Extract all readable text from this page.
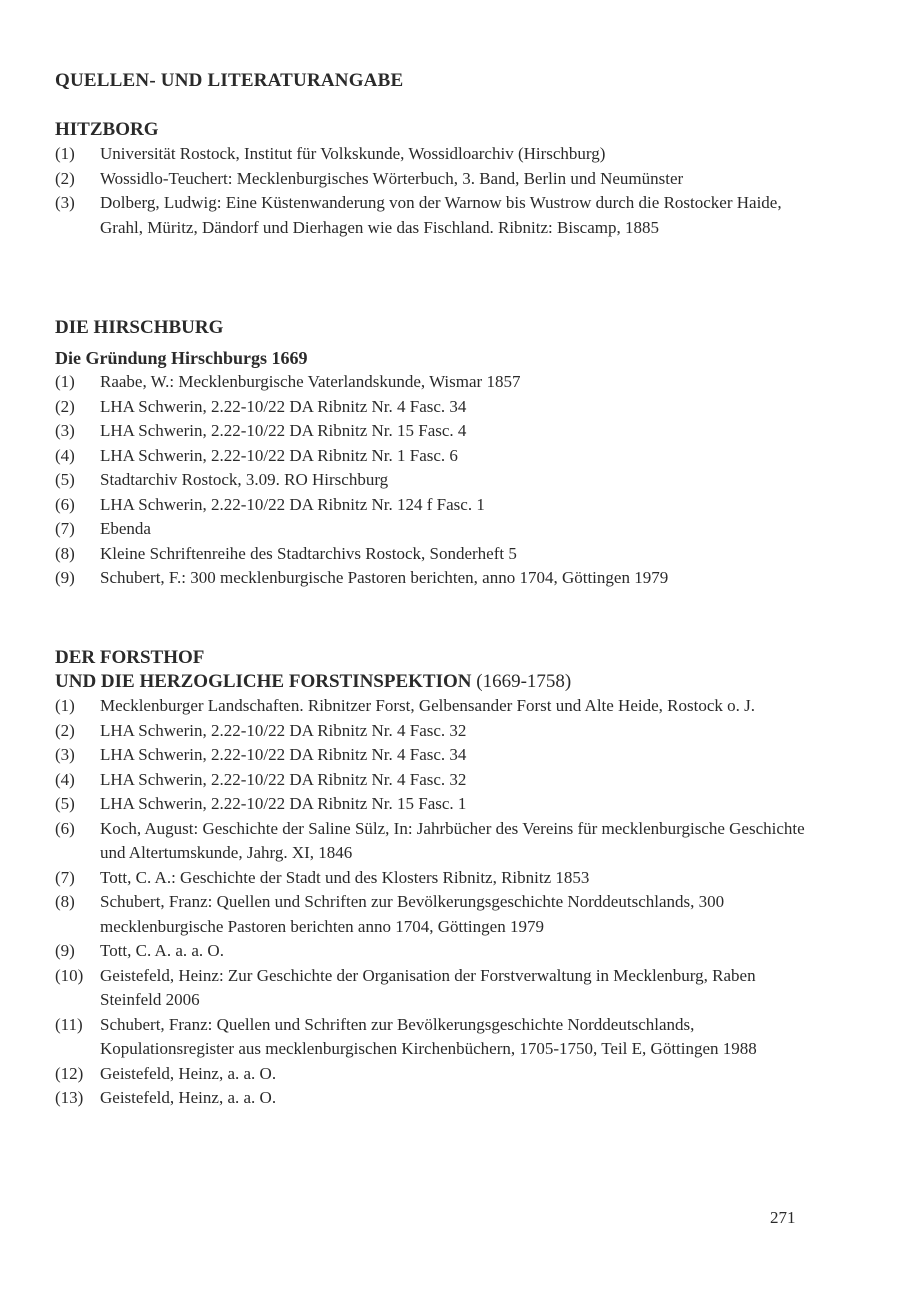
QUELLEN- UND LITERATURANGABE
HITZBORG
(1) Universität Rostock, Institut für Volkskunde, Wossidloarchiv (Hirschburg)
(2) Wossidlo-Teuchert: Mecklenburgisches Wörterbuch, 3. Band, Berlin und Neumünster
(3) Dolberg, Ludwig: Eine Küstenwanderung von der Warnow bis Wustrow durch die Rostocker Haide, Grahl, Müritz, Dändorf und Dierhagen wie das Fischland. Ribnitz: Biscamp, 1885
DIE HIRSCHBURG
Die Gründung Hirschburgs 1669
(1) Raabe, W.: Mecklenburgische Vaterlandskunde, Wismar 1857
(2) LHA Schwerin, 2.22-10/22 DA Ribnitz Nr. 4 Fasc. 34
(3) LHA Schwerin, 2.22-10/22 DA Ribnitz Nr. 15 Fasc. 4
(4) LHA Schwerin, 2.22-10/22 DA Ribnitz Nr. 1 Fasc. 6
(5) Stadtarchiv Rostock, 3.09. RO Hirschburg
(6) LHA Schwerin, 2.22-10/22 DA Ribnitz Nr. 124 f Fasc. 1
(7) Ebenda
(8) Kleine Schriftenreihe des Stadtarchivs Rostock, Sonderheft 5
(9) Schubert, F.: 300 mecklenburgische Pastoren berichten, anno 1704, Göttingen 1979
DER FORSTHOF
UND DIE HERZOGLICHE FORSTINSPEKTION (1669-1758)
(1) Mecklenburger Landschaften. Ribnitzer Forst, Gelbensander Forst und Alte Heide, Rostock o. J.
(2) LHA Schwerin, 2.22-10/22 DA Ribnitz Nr. 4 Fasc. 32
(3) LHA Schwerin, 2.22-10/22 DA Ribnitz Nr. 4 Fasc. 34
(4) LHA Schwerin, 2.22-10/22 DA Ribnitz Nr. 4 Fasc. 32
(5) LHA Schwerin, 2.22-10/22 DA Ribnitz Nr. 15 Fasc. 1
(6) Koch, August: Geschichte der Saline Sülz, In: Jahrbücher des Vereins für mecklenburgische Geschichte und Altertumskunde, Jahrg. XI, 1846
(7) Tott, C. A.: Geschichte der Stadt und des Klosters Ribnitz, Ribnitz 1853
(8) Schubert, Franz: Quellen und Schriften zur Bevölkerungsgeschichte Norddeutschlands, 300 mecklenburgische Pastoren berichten anno 1704, Göttingen 1979
(9) Tott, C. A. a. a. O.
(10) Geistefeld, Heinz: Zur Geschichte der Organisation der Forstverwaltung in Mecklenburg, Raben Steinfeld 2006
(11) Schubert, Franz: Quellen und Schriften zur Bevölkerungsgeschichte Norddeutschlands, Kopulationsregister aus mecklenburgischen Kirchenbüchern, 1705-1750, Teil E, Göttingen 1988
(12) Geistefeld, Heinz, a. a. O.
(13) Geistefeld, Heinz, a. a. O.
271
